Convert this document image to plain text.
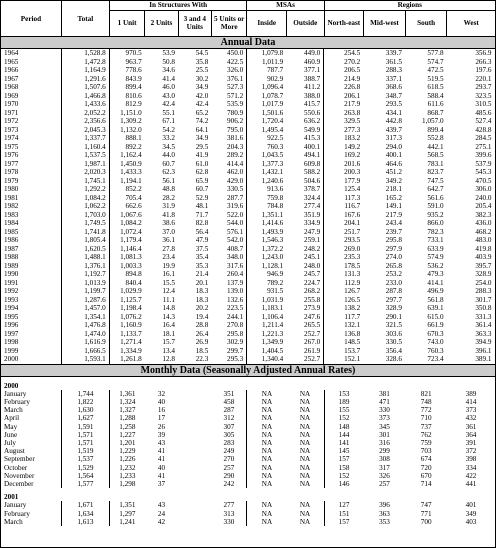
Period	Total	In Structures With				MSAs		Regions			
		1 Unit	2 Units	3 and 4 Units	5 Units or More	Inside	Outside	North-east	Mid-west	South	West
Annual Data
1964	1,528.8	970.5	53.9	54.5	450.0	1,079.8	449.0	254.5	339.7	577.8	356.9
1965	1,472.8	963.7	50.8	35.8	422.5	1,011.9	460.9	270.2	361.5	574.7	266.3
1966	1,164.9	778.6	34.6	25.5	326.0	787.7	377.1	206.5	288.3	472.5	197.6
1967	1,291.6	843.9	41.4	30.2	376.1	902.9	388.7	214.9	337.1	519.5	220.1
1968	1,507.6	899.4	46.0	34.9	527.3	1,096.4	411.2	226.8	368.6	618.5	293.7
1969	1,466.8	810.6	43.0	42.0	571.2	1,078.7	388.0	206.1	348.7	588.4	323.5
1970	1,433.6	812.9	42.4	42.4	535.9	1,017.9	415.7	217.9	293.5	611.6	310.5
1971	2,052.2	1,151.0	55.1	65.2	780.9	1,501.6	550.6	263.8	434.1	868.7	485.6
1972	2,356.6	1,309.2	67.1	74.2	906.2	1,720.4	636.2	329.5	442.8	1,057.0	527.4
1973	2,045.3	1,132.0	54.2	64.1	795.0	1,495.4	549.9	277.3	439.7	899.4	428.8
1974	1,337.7	888.1	33.2	34.9	381.6	922.5	415.3	183.2	317.3	552.8	284.5
1975	1,160.4	892.2	34.5	29.5	204.3	760.3	400.1	149.2	294.0	442.1	275.1
1976	1,537.5	1,162.4	44.0	41.9	289.2	1,043.5	494.1	169.2	400.1	568.5	399.6
1977	1,987.1	1,450.9	60.7	61.0	414.4	1,377.3	609.8	201.6	464.6	783.1	537.9
1978	2,020.3	1,433.3	62.3	62.8	462.0	1,432.1	588.2	200.3	451.2	823.7	545.3
1979	1,745.1	1,194.1	56.1	65.9	429.0	1,240.6	504.6	177.9	349.2	747.5	470.5
1980	1,292.2	852.2	48.8	60.7	330.5	913.6	378.7	125.4	218.1	642.7	306.0
1981	1,084.2	705.4	28.2	52.9	287.7	759.8	324.4	117.3	165.2	561.6	240.0
1982	1,062.2	662.6	31.9	48.1	319.6	784.8	277.4	116.7	149.1	591.0	205.4
1983	1,703.0	1,067.6	41.8	71.7	522.0	1,351.1	351.9	167.6	217.9	935.2	382.3
1984	1,749.5	1,084.2	38.6	82.8	544.0	1,414.6	334.9	204.1	243.4	866.0	436.0
1985	1,741.8	1,072.4	37.0	56.4	576.1	1,493.9	247.9	251.7	239.7	782.3	468.2
1986	1,805.4	1,179.4	36.1	47.9	542.0	1,546.3	259.1	293.5	295.8	733.1	483.0
1987	1,620.5	1,146.4	27.8	37.5	408.7	1,372.2	248.2	269.0	297.9	633.9	419.8
1988	1,488.1	1,081.3	23.4	35.4	348.0	1,243.0	245.1	235.3	274.0	574.9	403.9
1989	1,376.1	1,003.3	19.9	35.3	317.6	1,128.1	248.0	178.5	265.8	536.2	395.7
1990	1,192.7	894.8	16.1	21.4	260.4	946.9	245.7	131.3	253.2	479.3	328.9
1991	1,013.9	840.4	15.5	20.1	137.9	789.2	224.7	112.9	233.0	414.1	254.0
1992	1,199.7	1,029.9	12.4	18.3	139.0	931.5	268.2	126.7	287.8	496.9	288.3
1993	1,287.6	1,125.7	11.1	18.3	132.6	1,031.9	255.8	126.5	297.7	561.8	301.7
1994	1,457.0	1,198.4	14.8	20.2	223.5	1,183.1	273.9	138.2	328.9	639.1	350.8
1995	1,354.1	1,076.2	14.3	19.4	244.1	1,106.4	247.6	117.7	290.1	615.0	331.3
1996	1,476.8	1,160.9	16.4	28.8	270.8	1,211.4	265.5	132.1	321.5	661.9	361.4
1997	1,474.0	1,133.7	18.1	26.4	295.8	1,221.3	252.7	136.8	303.6	670.3	363.3
1998	1,616.9	1,271.4	15.7	26.9	302.9	1,349.9	267.0	148.5	330.5	743.0	394.9
1999	1,666.5	1,334.9	13.4	18.5	299.7	1,404.5	261.9	153.7	356.4	760.3	396.1
2000	1,593.1	1,261.8	12.8	22.3	295.3	1,340.4	252.7	152.1	328.6	723.4	389.1
Monthly Data (Seasonally Adjusted Annual Rates)

2000											
January	1,744	1,361	32		351	NA	NA	153	381	821	389
February	1,822	1,324	40		458	NA	NA	189	471	748	414
March	1,630	1,327	16		287	NA	NA	155	330	772	373
April	1,627	1,288	17		312	NA	NA	152	373	710	432
May	1,591	1,258	26		307	NA	NA	148	345	737	361
June	1,571	1,227	39		305	NA	NA	144	301	762	364
July	1,571	1,201	43		283	NA	NA	141	316	759	391
August	1,519	1,229	41		249	NA	NA	145	299	703	372
September	1,537	1,226	41		270	NA	NA	157	308	674	398
October	1,529	1,232	40		257	NA	NA	158	317	720	334
November	1,564	1,233	41		290	NA	NA	152	326	670	422
December	1,577	1,298	37		242	NA	NA	146	257	714	441

2001											
January	1,671	1,351	43		277	NA	NA	127	396	747	401
February	1,634	1,297	24		313	NA	NA	151	363	771	349
March	1,613	1,241	42		330	NA	NA	157	353	700	403
